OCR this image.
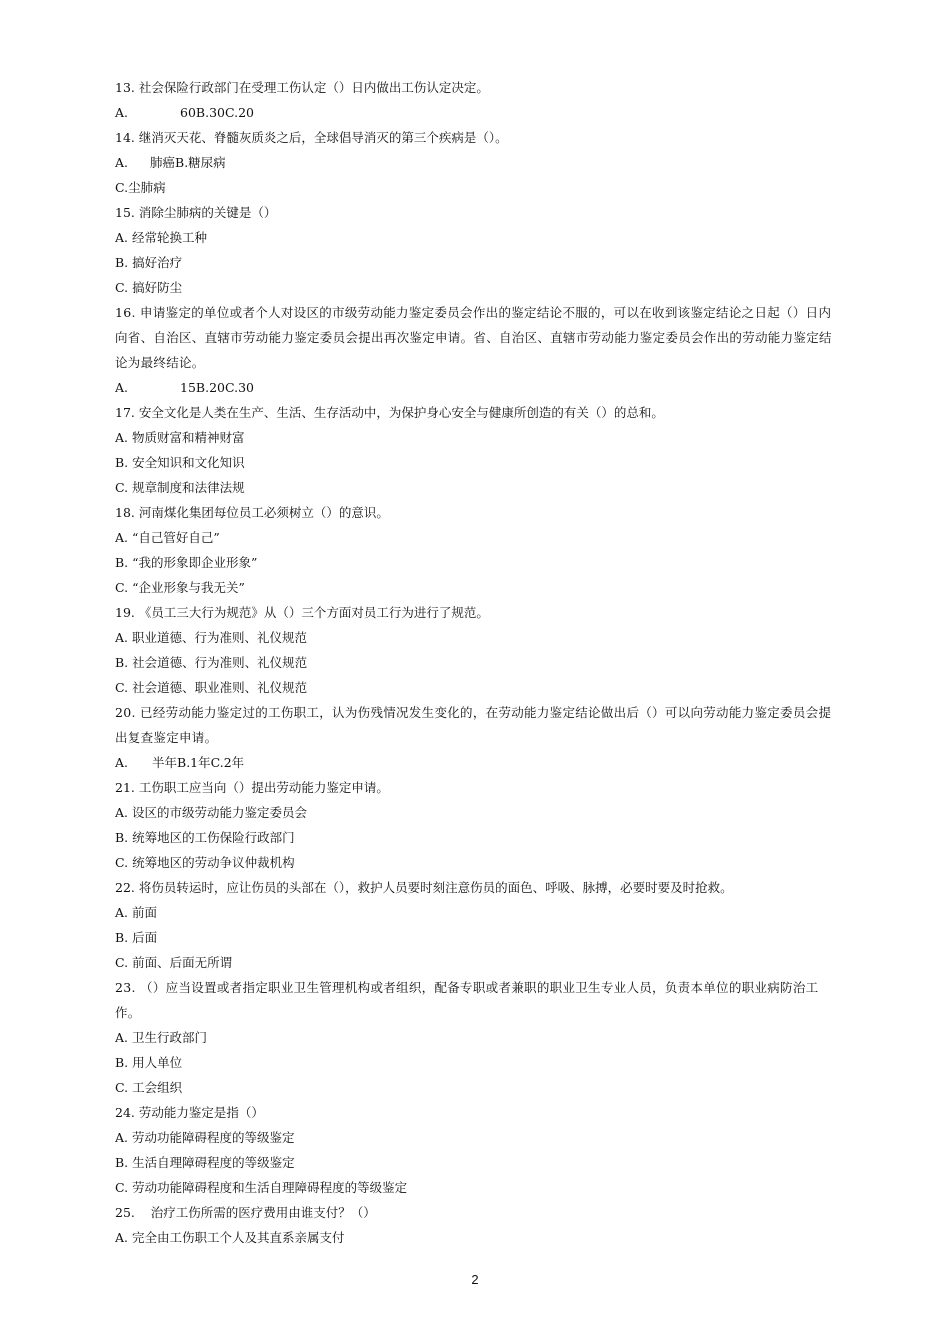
13. 社会保险行政部门在受理工伤认定（）日内做出工伤认定决定。
A.	60B.30C.20
14. 继消灭天花、脊髓灰质炎之后，全球倡导消灭的第三个疾病是（）。
A. 肺癌B.糖尿病
C.尘肺病
15. 消除尘肺病的关键是（）
A. 经常轮换工种
B. 搞好治疗
C. 搞好防尘
16. 申请鉴定的单位或者个人对设区的市级劳动能力鉴定委员会作出的鉴定结论不服的，可以在收到该鉴定结论之日起（）日内向省、自治区、直辖市劳动能力鉴定委员会提出再次鉴定申请。省、自治区、直辖市劳动能力鉴定委员会作出的劳动能力鉴定结论为最终结论。
A.	15B.20C.30
17. 安全文化是人类在生产、生活、生存活动中，为保护身心安全与健康所创造的有关（）的总和。
A. 物质财富和精神财富
B. 安全知识和文化知识
C. 规章制度和法律法规
18. 河南煤化集团每位员工必须树立（）的意识。
A. “自己管好自己”
B. “我的形象即企业形象”
C. “企业形象与我无关”
19. 《员工三大行为规范》从（）三个方面对员工行为进行了规范。
A. 职业道德、行为准则、礼仪规范
B. 社会道德、行为准则、礼仪规范
C. 社会道德、职业准则、礼仪规范
20. 已经劳动能力鉴定过的工伤职工，认为伤残情况发生变化的，在劳动能力鉴定结论做出后（）可以向劳动能力鉴定委员会提出复查鉴定申请。
A. 半年B.1年C.2年
21. 工伤职工应当向（）提出劳动能力鉴定申请。
A. 设区的市级劳动能力鉴定委员会
B. 统筹地区的工伤保险行政部门
C. 统筹地区的劳动争议仲裁机构
22. 将伤员转运时，应让伤员的头部在（），救护人员要时刻注意伤员的面色、呼吸、脉搏，必要时要及时抢救。
A. 前面
B. 后面
C. 前面、后面无所谓
23. （）应当设置或者指定职业卫生管理机构或者组织，配备专职或者兼职的职业卫生专业人员，负责本单位的职业病防治工作。
A. 卫生行政部门
B. 用人单位
C. 工会组织
24. 劳动能力鉴定是指（）
A. 劳动功能障碍程度的等级鉴定
B. 生活自理障碍程度的等级鉴定
C. 劳动功能障碍程度和生活自理障碍程度的等级鉴定
25.    治疗工伤所需的医疗费用由谁支付？（）
A. 完全由工伤职工个人及其直系亲属支付
2
